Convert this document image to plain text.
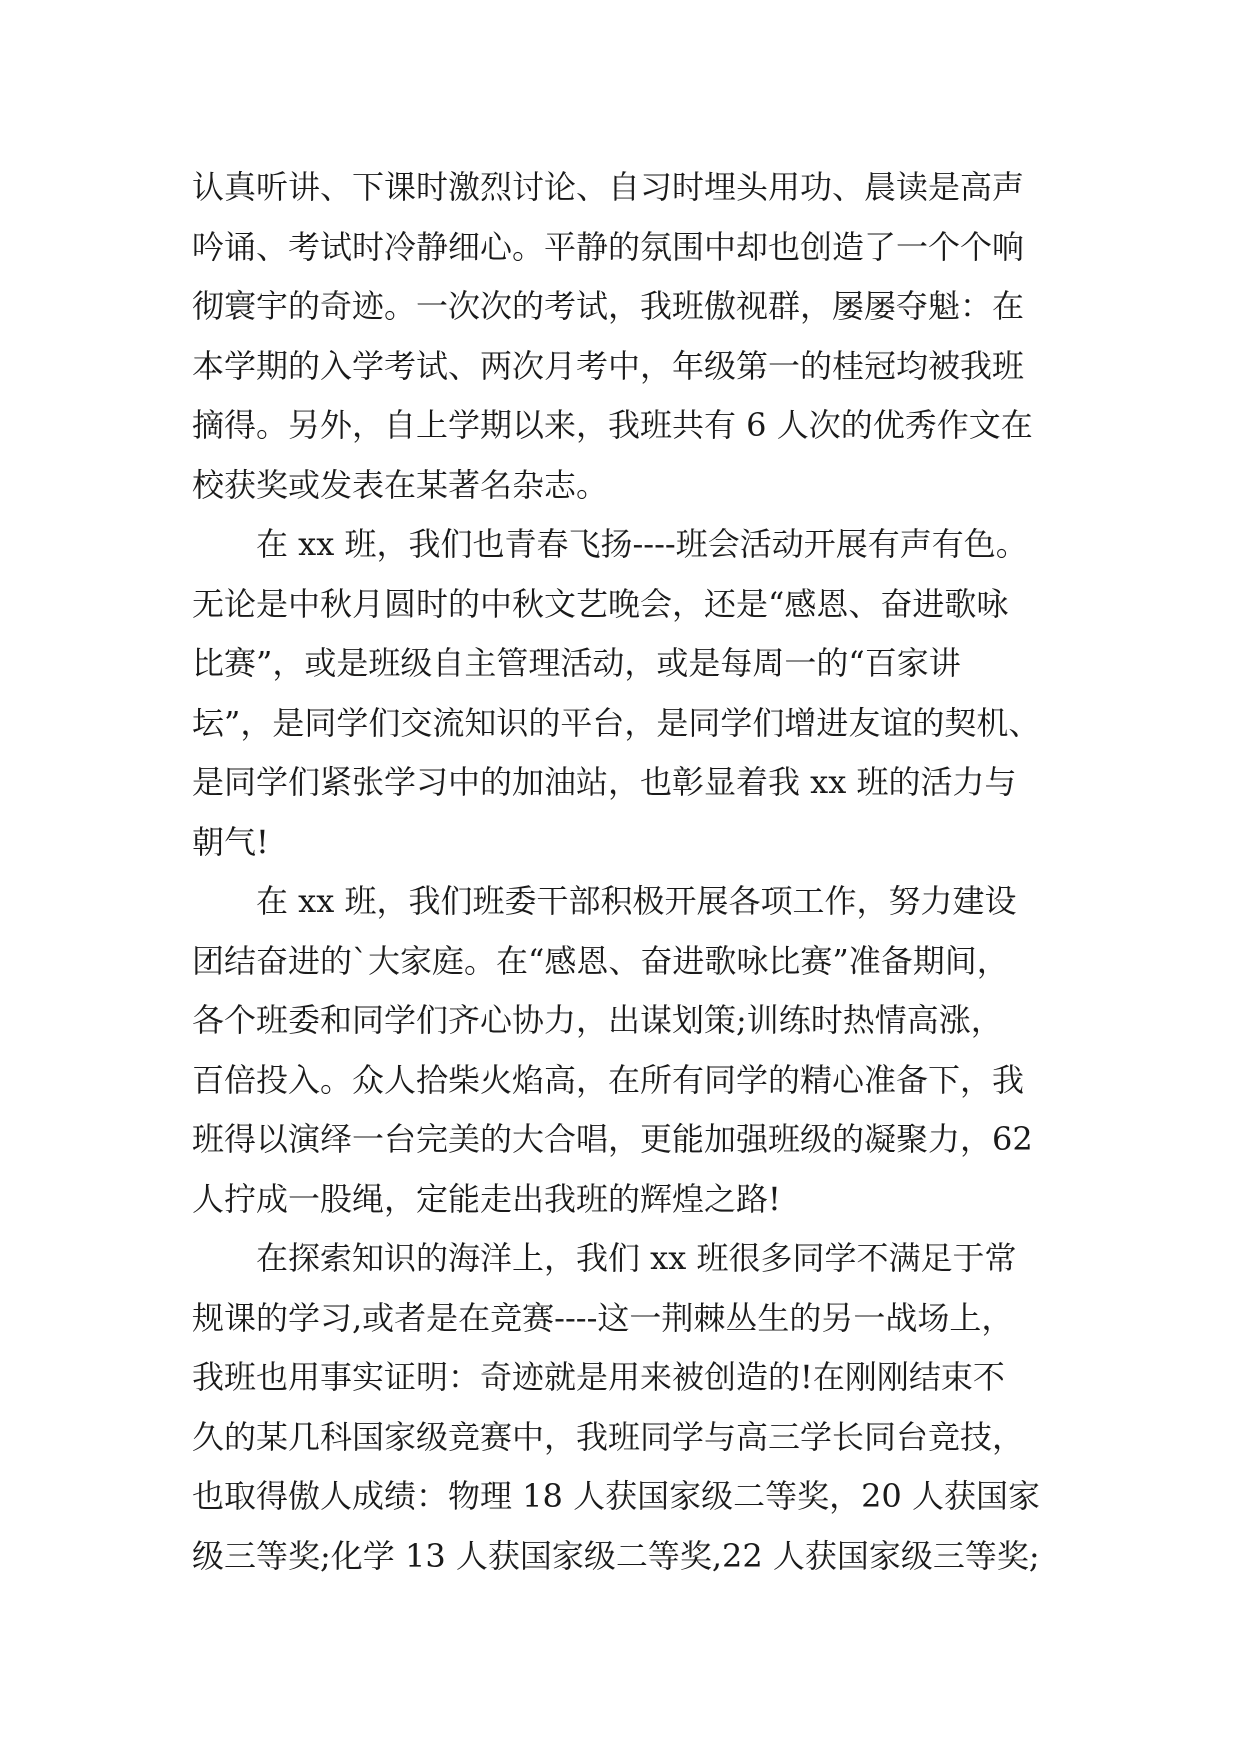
认真听讲、下课时激烈讨论、自习时埋头用功、晨读是高声
吟诵、考试时冷静细心。平静的氛围中却也创造了一个个响
彻寰宇的奇迹。一次次的考试，我班傲视群，屡屡夺魁：在
本学期的入学考试、两次月考中，年级第一的桂冠均被我班
摘得。另外，自上学期以来，我班共有 6 人次的优秀作文在
校获奖或发表在某著名杂志。
在 xx 班，我们也青春飞扬----班会活动开展有声有色。
无论是中秋月圆时的中秋文艺晚会，还是“感恩、奋进歌咏
比赛”，或是班级自主管理活动，或是每周一的“百家讲
坛”，是同学们交流知识的平台，是同学们增进友谊的契机、
是同学们紧张学习中的加油站，也彰显着我 xx 班的活力与
朝气!
在 xx 班，我们班委干部积极开展各项工作，努力建设
团结奋进的`大家庭。在“感恩、奋进歌咏比赛”准备期间，
各个班委和同学们齐心协力，出谋划策;训练时热情高涨，
百倍投入。众人拾柴火焰高，在所有同学的精心准备下，我
班得以演绎一台完美的大合唱，更能加强班级的凝聚力，62
人拧成一股绳，定能走出我班的辉煌之路!
在探索知识的海洋上，我们 xx 班很多同学不满足于常
规课的学习,或者是在竞赛----这一荆棘丛生的另一战场上，
我班也用事实证明：奇迹就是用来被创造的!在刚刚结束不
久的某几科国家级竞赛中，我班同学与高三学长同台竞技，
也取得傲人成绩：物理 18 人获国家级二等奖，20 人获国家
级三等奖;化学 13 人获国家级二等奖,22 人获国家级三等奖;
